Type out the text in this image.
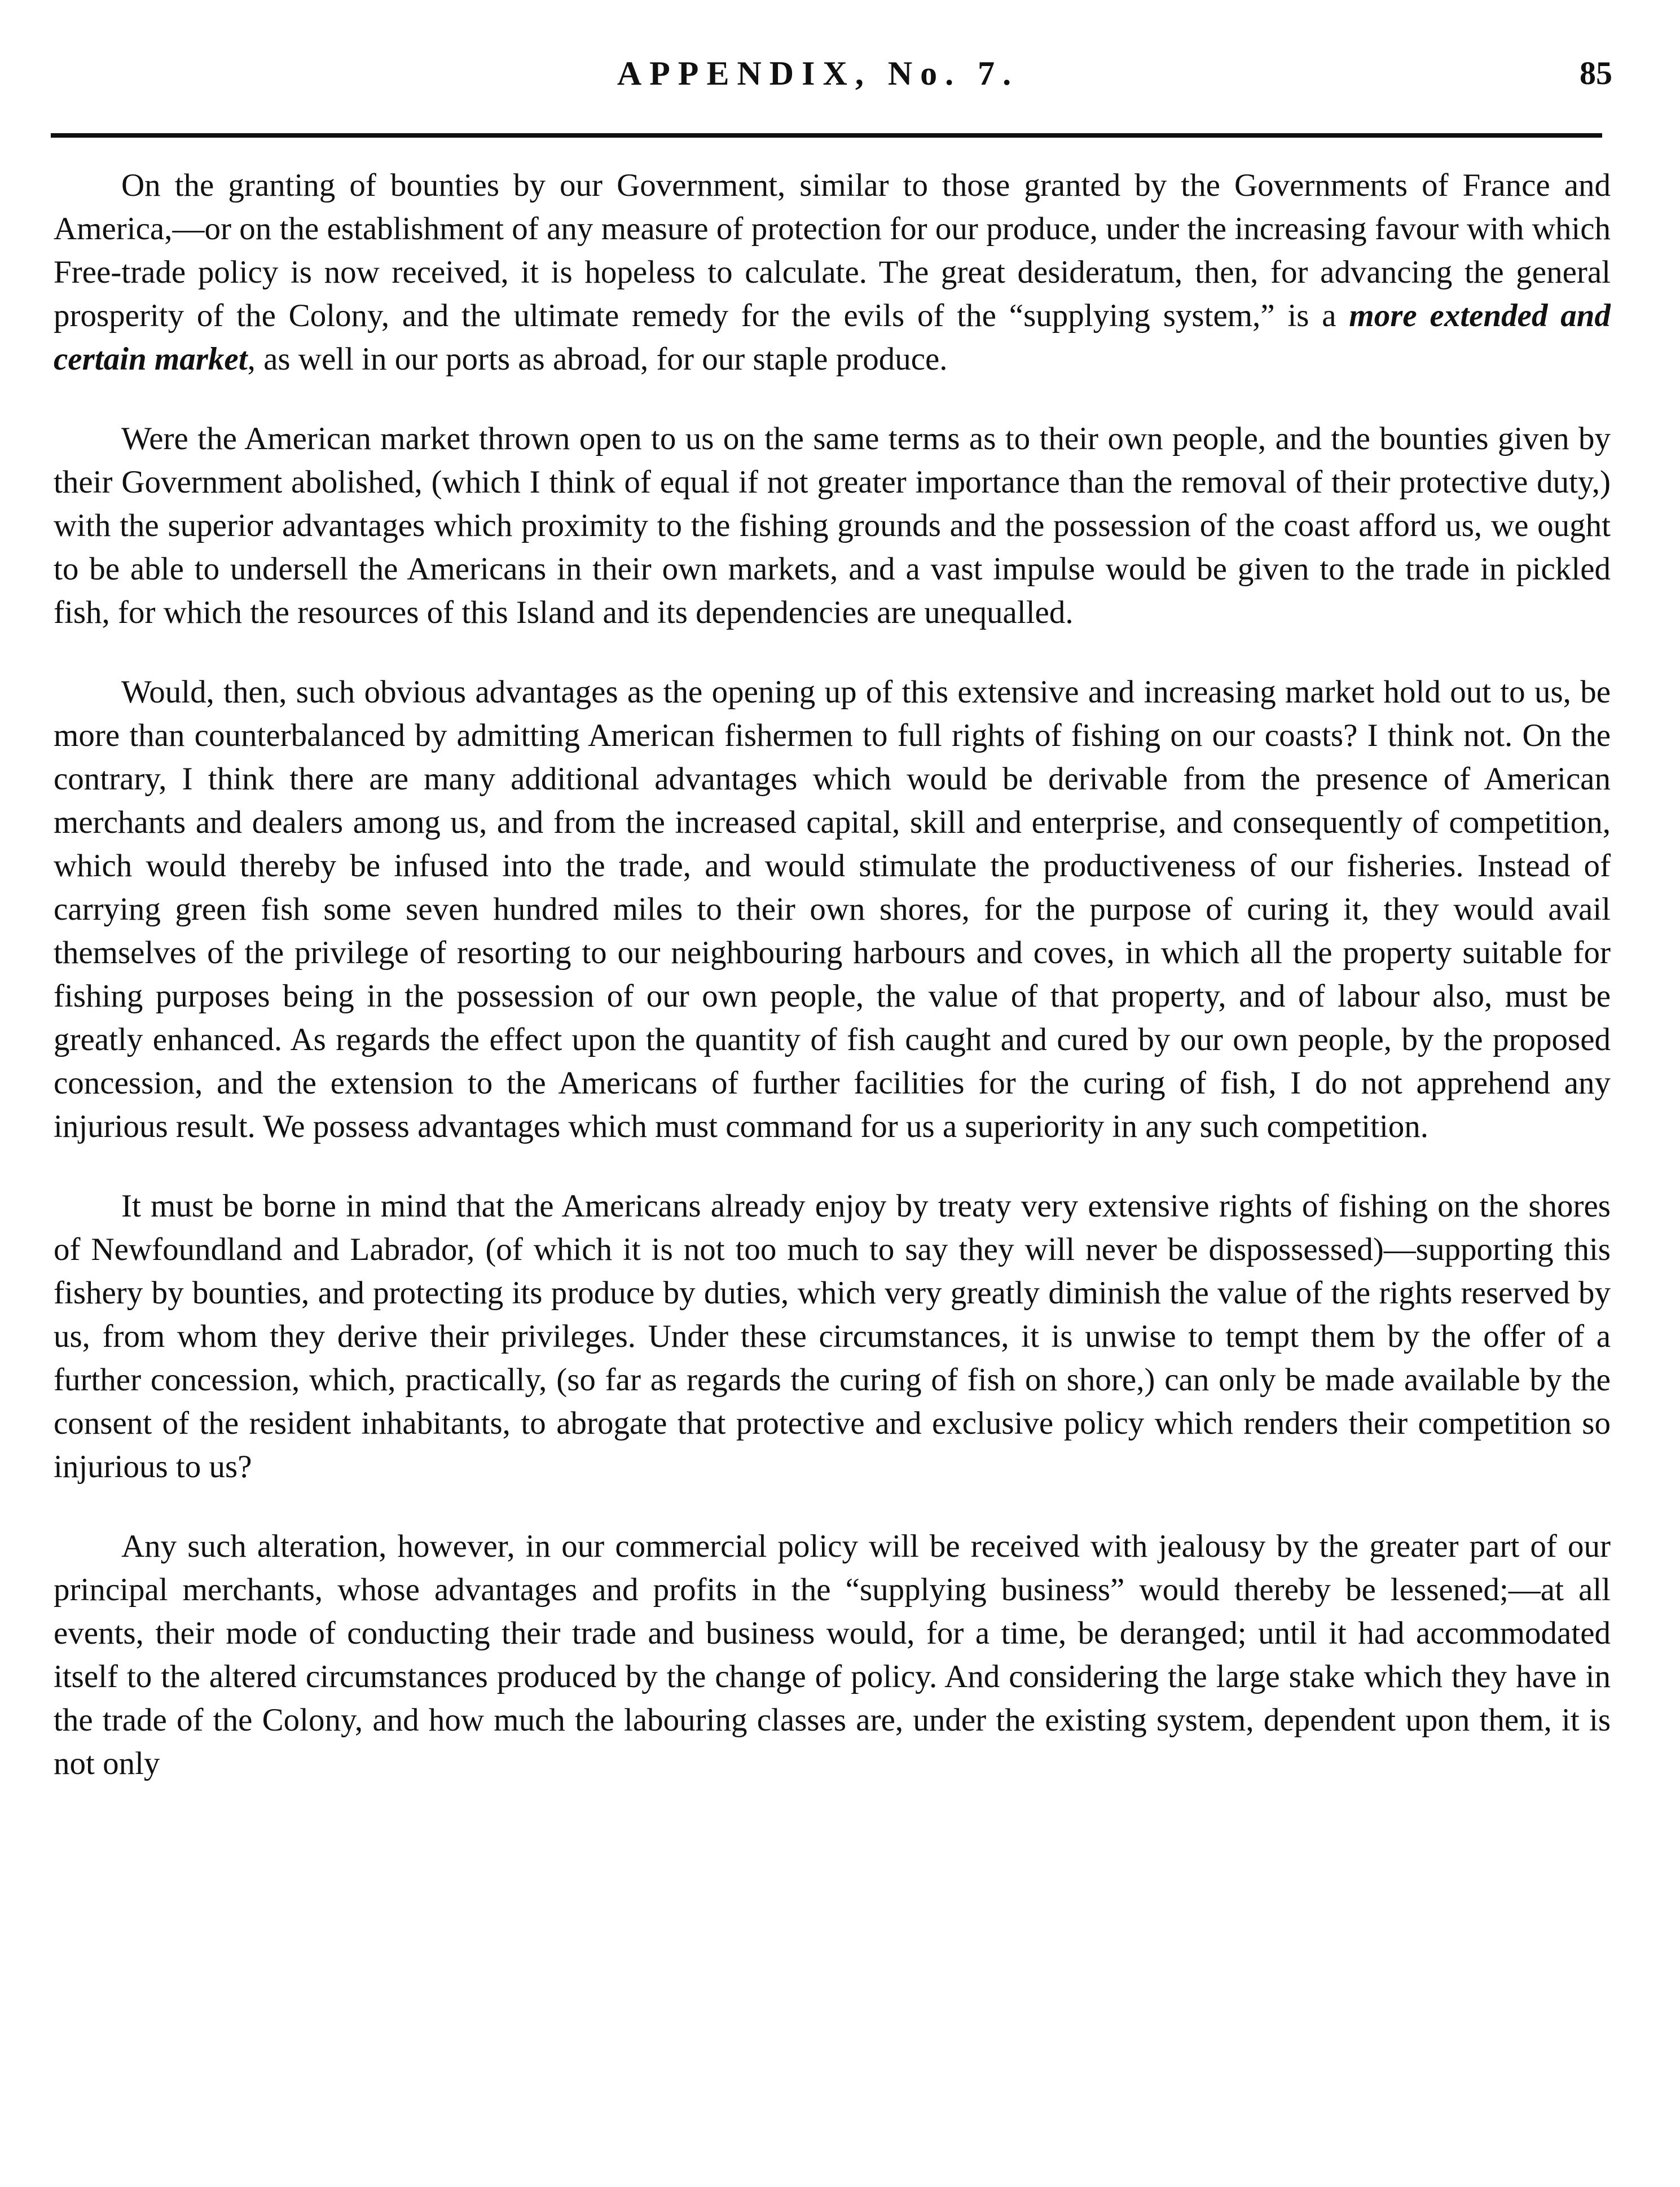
APPENDIX, No. 7.	85

On the granting of bounties by our Government, similar to those granted by the Governments of France and America,—or on the establishment of any measure of protection for our produce, under the increasing favour with which Free-trade policy is now received, it is hopeless to calculate. The great desideratum, then, for advancing the general prosperity of the Colony, and the ultimate remedy for the evils of the “supplying system,” is a more extended and certain market, as well in our ports as abroad, for our staple produce.

Were the American market thrown open to us on the same terms as to their own people, and the bounties given by their Government abolished, (which I think of equal if not greater importance than the removal of their protective duty,) with the superior advantages which proximity to the fishing grounds and the possession of the coast afford us, we ought to be able to undersell the Americans in their own markets, and a vast impulse would be given to the trade in pickled fish, for which the resources of this Island and its dependencies are unequalled.

Would, then, such obvious advantages as the opening up of this extensive and increasing market hold out to us, be more than counterbalanced by admitting American fishermen to full rights of fishing on our coasts? I think not. On the contrary, I think there are many additional advantages which would be derivable from the presence of American merchants and dealers among us, and from the increased capital, skill and enterprise, and consequently of competition, which would thereby be infused into the trade, and would stimulate the productiveness of our fisheries. Instead of carrying green fish some seven hundred miles to their own shores, for the purpose of curing it, they would avail themselves of the privilege of resorting to our neighbouring harbours and coves, in which all the property suitable for fishing purposes being in the possession of our own people, the value of that property, and of labour also, must be greatly enhanced. As regards the effect upon the quantity of fish caught and cured by our own people, by the proposed concession, and the extension to the Americans of further facilities for the curing of fish, I do not apprehend any injurious result. We possess advantages which must command for us a superiority in any such competition.

It must be borne in mind that the Americans already enjoy by treaty very extensive rights of fishing on the shores of Newfoundland and Labrador, (of which it is not too much to say they will never be dispossessed)—supporting this fishery by bounties, and protecting its produce by duties, which very greatly diminish the value of the rights reserved by us, from whom they derive their privileges. Under these circumstances, it is unwise to tempt them by the offer of a further concession, which, practically, (so far as regards the curing of fish on shore,) can only be made available by the consent of the resident inhabitants, to abrogate that protective and exclusive policy which renders their competition so injurious to us?

Any such alteration, however, in our commercial policy will be received with jealousy by the greater part of our principal merchants, whose advantages and profits in the “supplying business” would thereby be lessened;—at all events, their mode of conducting their trade and business would, for a time, be deranged; until it had accommodated itself to the altered circumstances produced by the change of policy. And considering the large stake which they have in the trade of the Colony, and how much the labouring classes are, under the existing system, dependent upon them, it is not only
